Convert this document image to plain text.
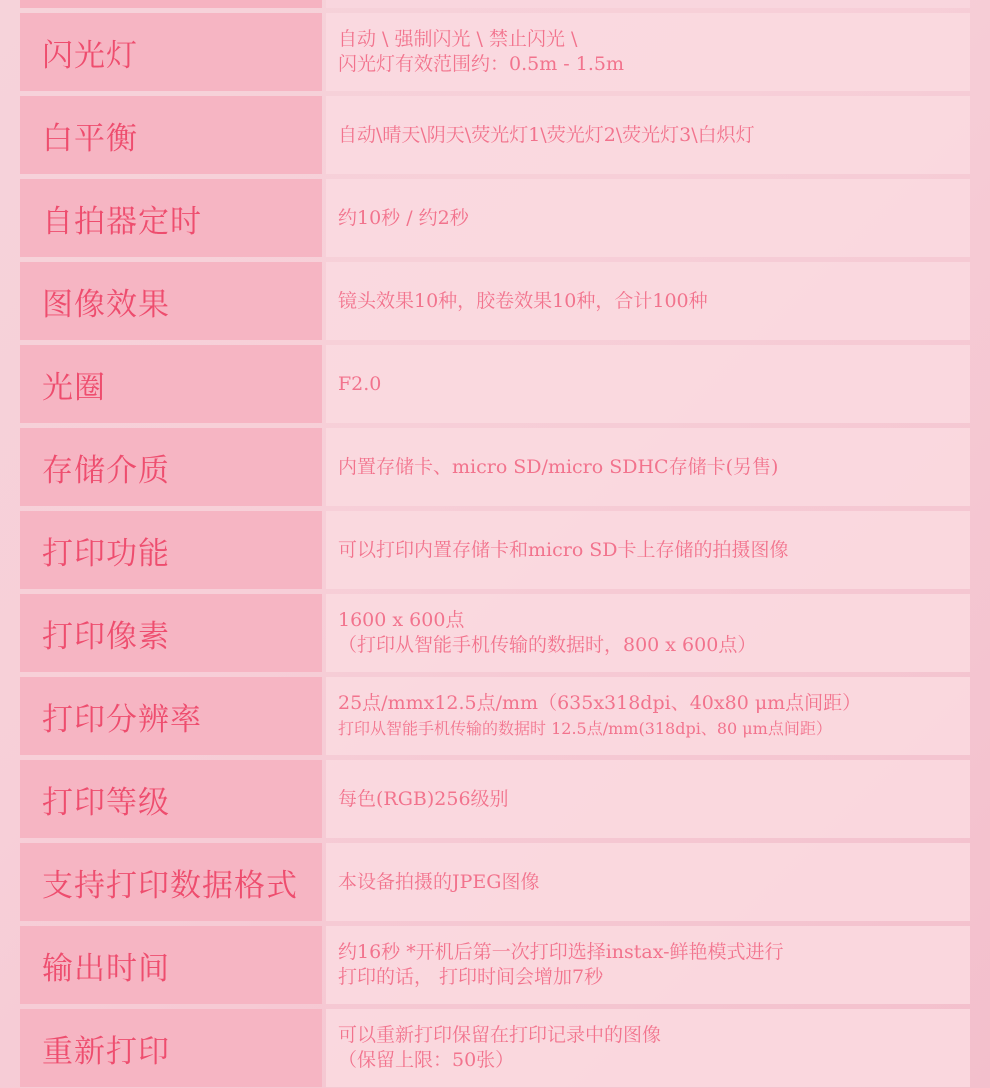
闪光灯	自动 \ 强制闪光 \ 禁止闪光 \
闪光灯有效范围约：0.5m - 1.5m
白平衡	自动\晴天\阴天\荧光灯1\荧光灯2\荧光灯3\白炽灯
自拍器定时	约10秒 / 约2秒
图像效果	镜头效果10种，胶卷效果10种，合计100种
光圈	F2.0
存储介质	内置存储卡、micro SD/micro SDHC存储卡(另售)
打印功能	可以打印内置存储卡和micro SD卡上存储的拍摄图像
打印像素	1600 x 600点
（打印从智能手机传输的数据时，800 x 600点）
打印分辨率	25点/mmx12.5点/mm（635x318dpi、40x80 μm点间距）
打印从智能手机传输的数据时 12.5点/mm(318dpi、80 μm点间距）
打印等级	每色(RGB)256级别
支持打印数据格式 本设备拍摄的JPEG图像
输出时间	约16秒 *开机后第一次打印选择instax-鲜艳模式进行
打印的话， 打印时间会增加7秒
重新打印	可以重新打印保留在打印记录中的图像
（保留上限：50张）
